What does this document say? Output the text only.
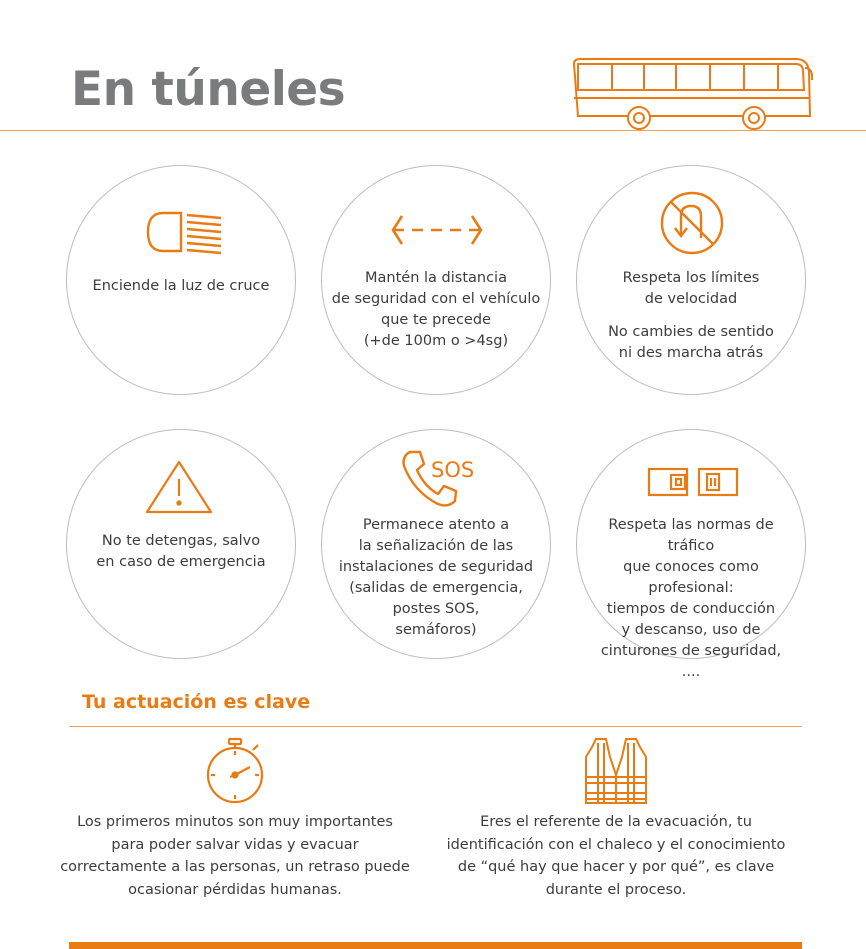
En túneles

Enciende la luz de cruce	Mantén la distancia
de seguridad con el vehículo
que te precede
(+de 100m o >4sg)

Respeta los límites
de velocidad

No cambies de sentido
ni des marcha atrás

No te detengas, salvo
en caso de emergencia

SOS

Permanece atento a
la señalización de las
instalaciones de seguridad
(salidas de emergencia,
postes SOS,
semáforos)

Respeta las normas de tráfico
que conoces como profesional:
tiempos de conducción
y descanso, uso de
cinturones de seguridad,
....

Tu actuación es clave

Los primeros minutos son muy importantes
para poder salvar vidas y evacuar
correctamente a las personas, un retraso puede
ocasionar pérdidas humanas.

Eres el referente de la evacuación, tu
identificación con el chaleco y el conocimiento
de “qué hay que hacer y por qué”, es clave
durante el proceso.
